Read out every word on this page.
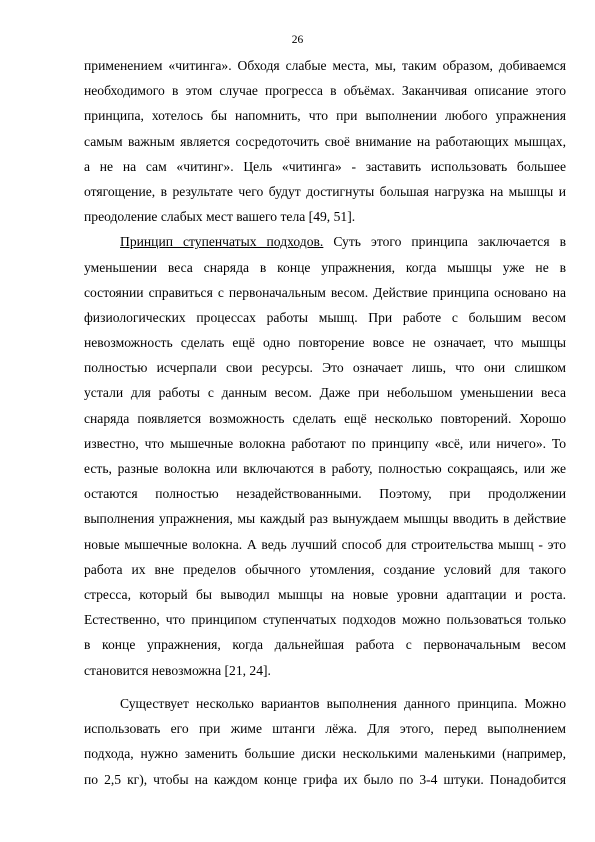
26
применением «читинга». Обходя слабые места, мы, таким образом, добиваемся
необходимого в этом случае прогресса в объёмах. Заканчивая описание этого
принципа, хотелось бы напомнить, что при выполнении любого упражнения
самым важным является сосредоточить своё внимание на работающих мышцах,
а не на сам «читинг». Цель «читинга» - заставить использовать большее
отягощение, в результате чего будут достигнуты большая нагрузка на мышцы и
преодоление слабых мест вашего тела [49, 51].
Принцип ступенчатых подходов. Суть этого принципа заключается в
уменьшении веса снаряда в конце упражнения, когда мышцы уже не в
состоянии справиться с первоначальным весом. Действие принципа основано на
физиологических процессах работы мышц. При работе с большим весом
невозможность сделать ещё одно повторение вовсе не означает, что мышцы
полностью исчерпали свои ресурсы. Это означает лишь, что они слишком
устали для работы с данным весом. Даже при небольшом уменьшении веса
снаряда появляется возможность сделать ещё несколько повторений. Хорошо
известно, что мышечные волокна работают по принципу «всё, или ничего». То
есть, разные волокна или включаются в работу, полностью сокращаясь, или же
остаются полностью незадействованными. Поэтому, при продолжении
выполнения упражнения, мы каждый раз вынуждаем мышцы вводить в действие
новые мышечные волокна. А ведь лучший способ для строительства мышц - это
работа их вне пределов обычного утомления, создание условий для такого
стресса, который бы выводил мышцы на новые уровни адаптации и роста.
Естественно, что принципом ступенчатых подходов можно пользоваться только
в конце упражнения, когда дальнейшая работа с первоначальным весом
становится невозможна [21, 24].
Существует несколько вариантов выполнения данного принципа. Можно
использовать его при жиме штанги лёжа. Для этого, перед выполнением
подхода, нужно заменить большие диски несколькими маленькими (например,
по 2,5 кг), чтобы на каждом конце грифа их было по 3-4 штуки. Понадобится
